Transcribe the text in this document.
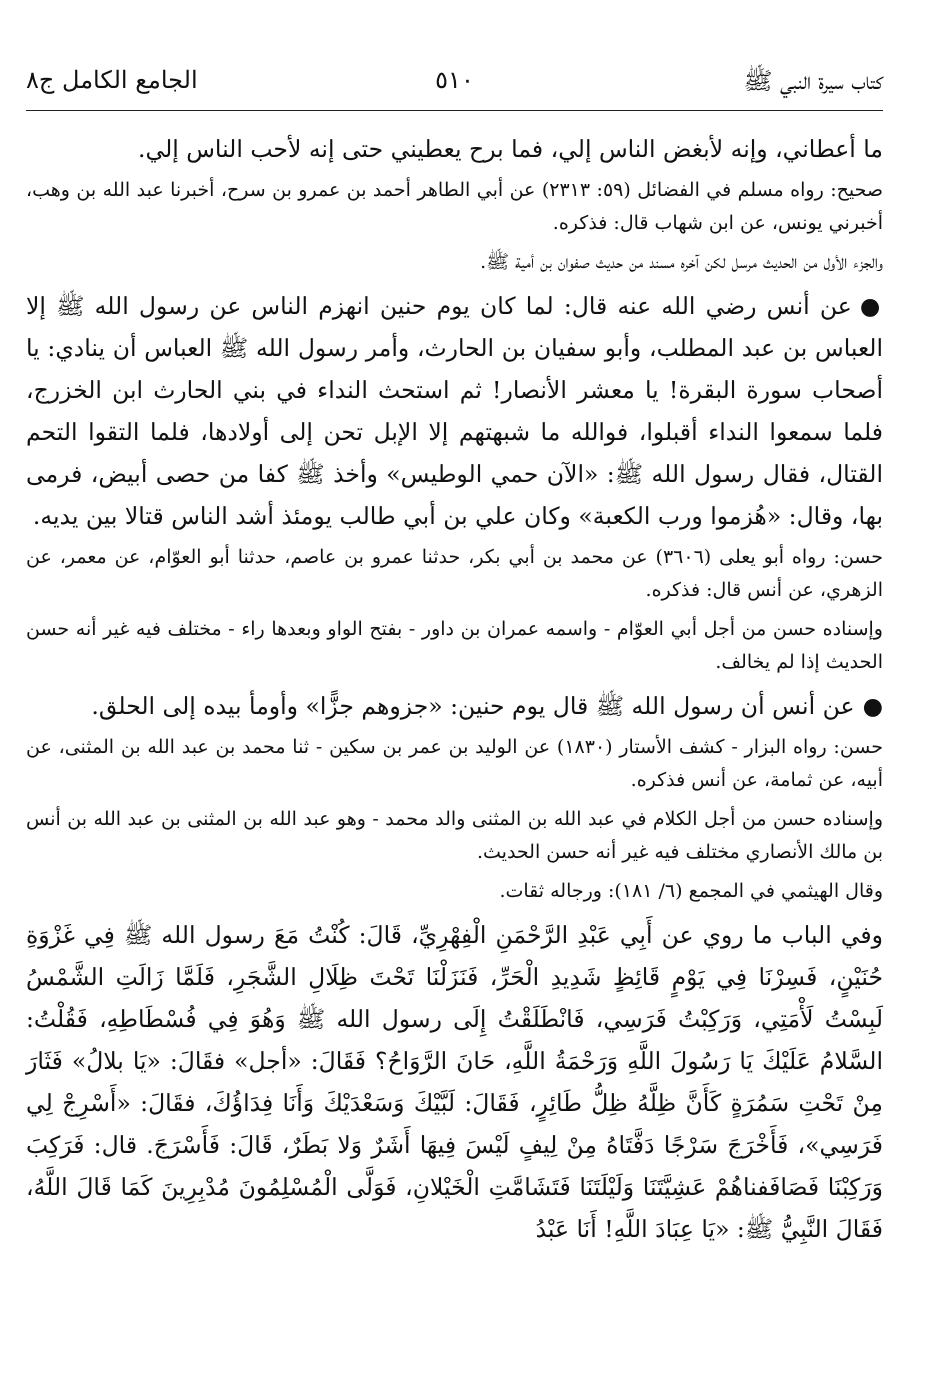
كتاب سيرة النبي ﷺ
٥١٠
الجامع الكامل ج٨

ما أعطاني، وإنه لأبغض الناس إلي، فما برح يعطيني حتى إنه لأحب الناس إلي.

صحيح: رواه مسلم في الفضائل (٥٩: ٢٣١٣) عن أبي الطاهر أحمد بن عمرو بن سرح، أخبرنا عبد الله بن وهب، أخبرني يونس، عن ابن شهاب قال: فذكره.

والجزء الأول من الحديث مرسل لكن آخره مسند من حديث صفوان بن أمية ﷺ.

●عن أنس رضي الله عنه قال: لما كان يوم حنين انهزم الناس عن رسول الله ﷺ إلا العباس بن عبد المطلب، وأبو سفيان بن الحارث، وأمر رسول الله ﷺ العباس أن ينادي: يا أصحاب سورة البقرة! يا معشر الأنصار! ثم استحث النداء في بني الحارث ابن الخزرج، فلما سمعوا النداء أقبلوا، فوالله ما شبهتهم إلا الإبل تحن إلى أولادها، فلما التقوا التحم القتال، فقال رسول الله ﷺ: «الآن حمي الوطيس» وأخذ ﷺ كفا من حصى أبيض، فرمى بها، وقال: «هُزموا ورب الكعبة» وكان علي بن أبي طالب يومئذ أشد الناس قتالا بين يديه.

حسن: رواه أبو يعلى (٣٦٠٦) عن محمد بن أبي بكر، حدثنا عمرو بن عاصم، حدثنا أبو العوّام، عن معمر، عن الزهري، عن أنس قال: فذكره.

وإسناده حسن من أجل أبي العوّام - واسمه عمران بن داور - بفتح الواو وبعدها راء - مختلف فيه غير أنه حسن الحديث إذا لم يخالف.

●عن أنس أن رسول الله ﷺ قال يوم حنين: «جزوهم جزًّا» وأومأ بيده إلى الحلق.

حسن: رواه البزار - كشف الأستار (١٨٣٠) عن الوليد بن عمر بن سكين - ثنا محمد بن عبد الله بن المثنى، عن أبيه، عن ثمامة، عن أنس فذكره.

وإسناده حسن من أجل الكلام في عبد الله بن المثنى والد محمد - وهو عبد الله بن المثنى بن عبد الله بن أنس بن مالك الأنصاري مختلف فيه غير أنه حسن الحديث.

وقال الهيثمي في المجمع (٦/ ١٨١): ورجاله ثقات.

وفي الباب ما روي عن أَبِي عَبْدِ الرَّحْمَنِ الْفِهْرِيِّ، قَالَ: كُنْتُ مَعَ رسول الله ﷺ فِي غَزْوَةِ حُنَيْنٍ، فَسِرْنَا فِي يَوْمٍ قَائِظٍ شَدِيدِ الْحَرِّ، فَنَزَلْنَا تَحْتَ ظِلَالِ الشَّجَرِ، فَلَمَّا زَالَتِ الشَّمْسُ لَبِسْتُ لَأْمَتِي، وَرَكِبْتُ فَرَسِي، فَانْطَلَقْتُ إِلَى رسول الله ﷺ وَهُوَ فِي فُسْطَاطِهِ، فَقُلْتُ: السَّلامُ عَلَيْكَ يَا رَسُولَ اللَّهِ وَرَحْمَةُ اللَّهِ، حَانَ الرَّوَاحُ؟ فَقَالَ: «أجل» فقَالَ: «يَا بلالُ» فَثَارَ مِنْ تَحْتِ سَمُرَةٍ كَأَنَّ ظِلَّهُ ظِلُّ طَائِرٍ، فَقَالَ: لَبَّيْكَ وَسَعْدَيْكَ وَأَنَا فِدَاؤُكَ، فقَالَ: «أَسْرِجْ لِي فَرَسِي»، فَأَخْرَجَ سَرْجًا دَفَّتَاهُ مِنْ لِيفٍ لَيْسَ فِيهَا أَشَرٌ وَلا بَطَرٌ، قَالَ: فَأَسْرَجَ. قال: فَرَكِبَ وَرَكِبْنَا فَصَافَفناهُمْ عَشِيَّتَنَا وَلَيْلَتَنَا فَتَشَامَّتِ الْخَيْلانِ، فَوَلَّى الْمُسْلِمُونَ مُدْبِرِينَ كَمَا قَالَ اللَّهُ، فَقَالَ النَّبِيُّ ﷺ: «يَا عِبَادَ اللَّهِ! أَنَا عَبْدُ
